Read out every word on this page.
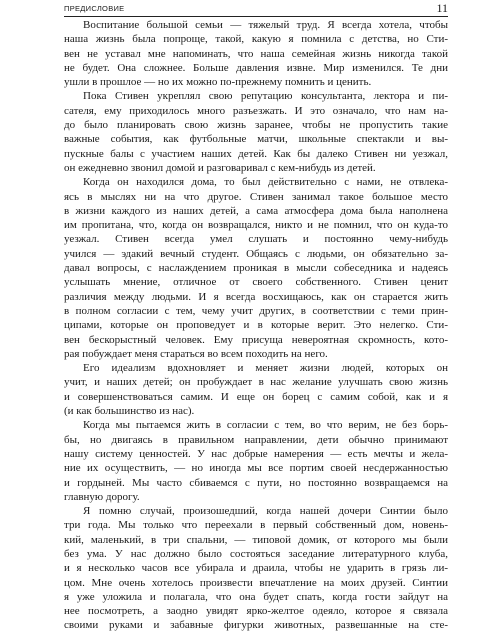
ПРЕДИСЛОВИЕ	11
Воспитание большой семьи — тяжелый труд. Я всегда хотела, чтобы
наша жизнь была попроще, такой, какую я помнила с детства, но Сти-
вен не уставал мне напоминать, что наша семейная жизнь никогда такой
не будет. Она сложнее. Больше давления извне. Мир изменился. Те дни
ушли в прошлое — но их можно по-прежнему помнить и ценить.
Пока Стивен укреплял свою репутацию консультанта, лектора и пи-
сателя, ему приходилось много разъезжать. И это означало, что нам на-
до было планировать свою жизнь заранее, чтобы не пропустить такие
важные события, как футбольные матчи, школьные спектакли и вы-
пускные балы с участием наших детей. Как бы далеко Стивен ни уезжал,
он ежедневно звонил домой и разговаривал с кем-нибудь из детей.
Когда он находился дома, то был действительно с нами, не отвлека-
ясь в мыслях ни на что другое. Стивен занимал такое большое место
в жизни каждого из наших детей, а сама атмосфера дома была наполнена
им пропитана, что, когда он возвращался, никто и не помнил, что он куда-то
уезжал. Стивен всегда умел слушать и постоянно чему-нибудь
учился — эдакий вечный студент. Общаясь с людьми, он обязательно за-
давал вопросы, с наслаждением проникая в мысли собеседника и надеясь
услышать мнение, отличное от своего собственного. Стивен ценит
различия между людьми. И я всегда восхищаюсь, как он старается жить
в полном согласии с тем, чему учит других, в соответствии с теми прин-
ципами, которые он проповедует и в которые верит. Это нелегко. Сти-
вен бескорыстный человек. Ему присуща невероятная скромность, кото-
рая побуждает меня стараться во всем походить на него.
Его идеализм вдохновляет и меняет жизни людей, которых он
учит, и наших детей; он пробуждает в нас желание улучшать свою жизнь
и совершенствоваться самим. И еще он борец с самим собой, как и я
(и как большинство из нас).
Когда мы пытаемся жить в согласии с тем, во что верим, не без борь-
бы, но двигаясь в правильном направлении, дети обычно принимают
нашу систему ценностей. У нас добрые намерения — есть мечты и жела-
ние их осуществить, — но иногда мы все портим своей несдержанностью
и гордыней. Мы часто сбиваемся с пути, но постоянно возвращаемся на
главную дорогу.
Я помню случай, произошедший, когда нашей дочери Синтии было
три года. Мы только что переехали в первый собственный дом, новень-
кий, маленький, в три спальни, — типовой домик, от которого мы были
без ума. У нас должно было состояться заседание литературного клуба,
и я несколько часов все убирала и драила, чтобы не ударить в грязь ли-
цом. Мне очень хотелось произвести впечатление на моих друзей. Синтии
я уже уложила и полагала, что она будет спать, когда гости зайдут на
нее посмотреть, а заодно увидят ярко-желтое одеяло, которое я связала
своими руками и забавные фигурки животных, развешанные на сте-
